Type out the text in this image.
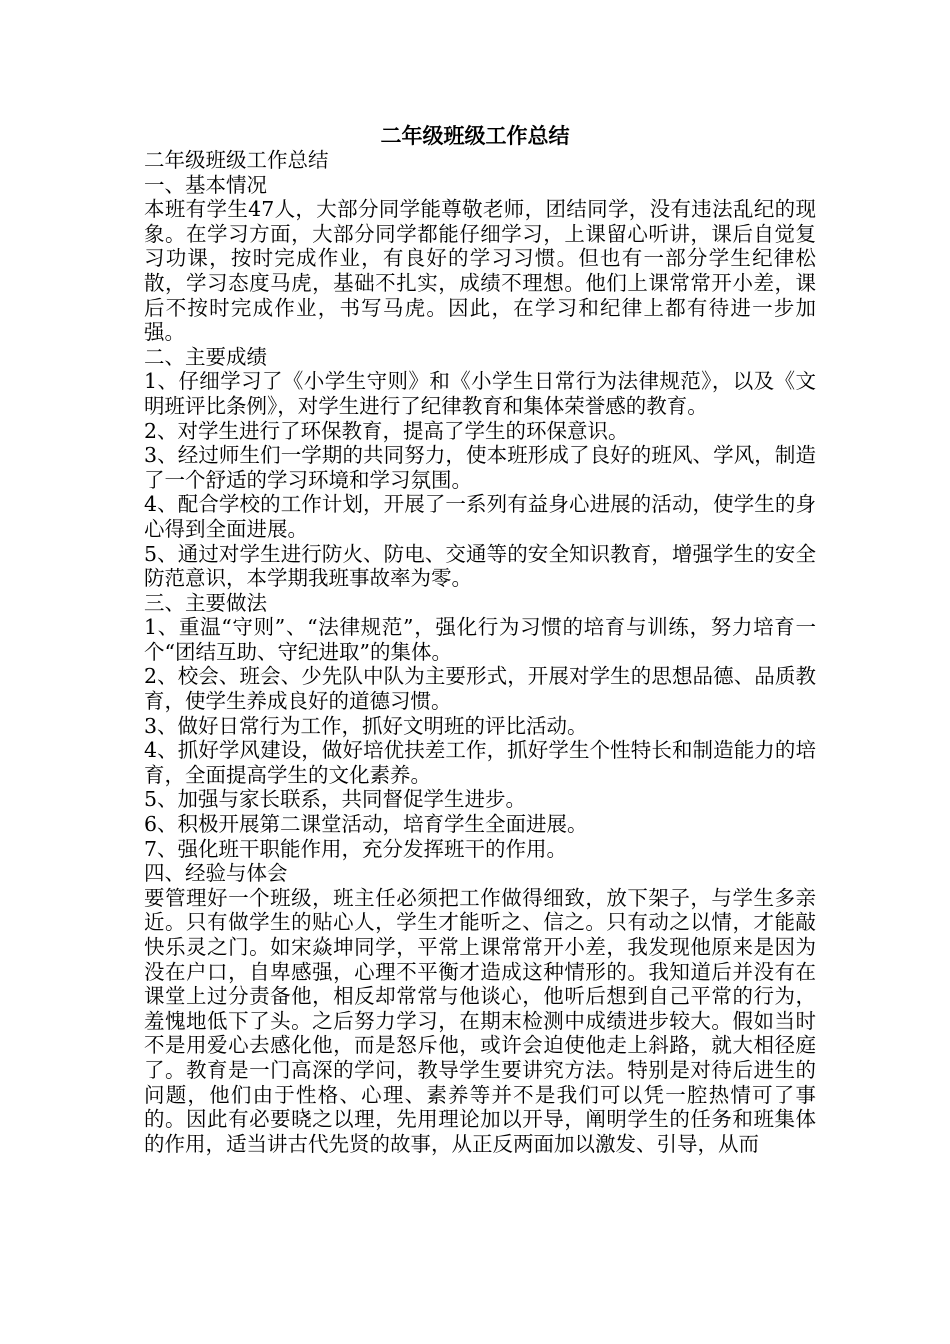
二年级班级工作总结

二年级班级工作总结

一、基本情况

本班有学生47人，大部分同学能尊敬老师，团结同学，没有违法乱纪的现象。在学习方面，大部分同学都能仔细学习，上课留心听讲，课后自觉复习功课，按时完成作业，有良好的学习习惯。但也有一部分学生纪律松散，学习态度马虎，基础不扎实，成绩不理想。他们上课常常开小差，课后不按时完成作业，书写马虎。因此，在学习和纪律上都有待进一步加强。

二、主要成绩

1、仔细学习了《小学生守则》和《小学生日常行为法律规范》，以及《文明班评比条例》，对学生进行了纪律教育和集体荣誉感的教育。

2、对学生进行了环保教育，提高了学生的环保意识。

3、经过师生们一学期的共同努力，使本班形成了良好的班风、学风，制造了一个舒适的学习环境和学习氛围。

4、配合学校的工作计划，开展了一系列有益身心进展的活动，使学生的身心得到全面进展。

5、通过对学生进行防火、防电、交通等的安全知识教育，增强学生的安全防范意识，本学期我班事故率为零。

三、主要做法

1、重温“守则”、“法律规范”，强化行为习惯的培育与训练，努力培育一个“团结互助、守纪进取”的集体。

2、校会、班会、少先队中队为主要形式，开展对学生的思想品德、品质教育，使学生养成良好的道德习惯。

3、做好日常行为工作，抓好文明班的评比活动。

4、抓好学风建设，做好培优扶差工作，抓好学生个性特长和制造能力的培育，全面提高学生的文化素养。

5、加强与家长联系，共同督促学生进步。

6、积极开展第二课堂活动，培育学生全面进展。

7、强化班干职能作用，充分发挥班干的作用。

四、经验与体会

要管理好一个班级，班主任必须把工作做得细致，放下架子，与学生多亲近。只有做学生的贴心人，学生才能听之、信之。只有动之以情，才能敲快乐灵之门。如宋焱坤同学，平常上课常常开小差，我发现他原来是因为没在户口，自卑感强，心理不平衡才造成这种情形的。我知道后并没有在课堂上过分责备他，相反却常常与他谈心，他听后想到自己平常的行为，羞愧地低下了头。之后努力学习，在期末检测中成绩进步较大。假如当时不是用爱心去感化他，而是怒斥他，或许会迫使他走上斜路，就大相径庭了。教育是一门高深的学问，教导学生要讲究方法。特别是对待后进生的问题，他们由于性格、心理、素养等并不是我们可以凭一腔热情可了事的。因此有必要晓之以理，先用理论加以开导，阐明学生的任务和班集体的作用，适当讲古代先贤的故事，从正反两面加以激发、引导，从而
